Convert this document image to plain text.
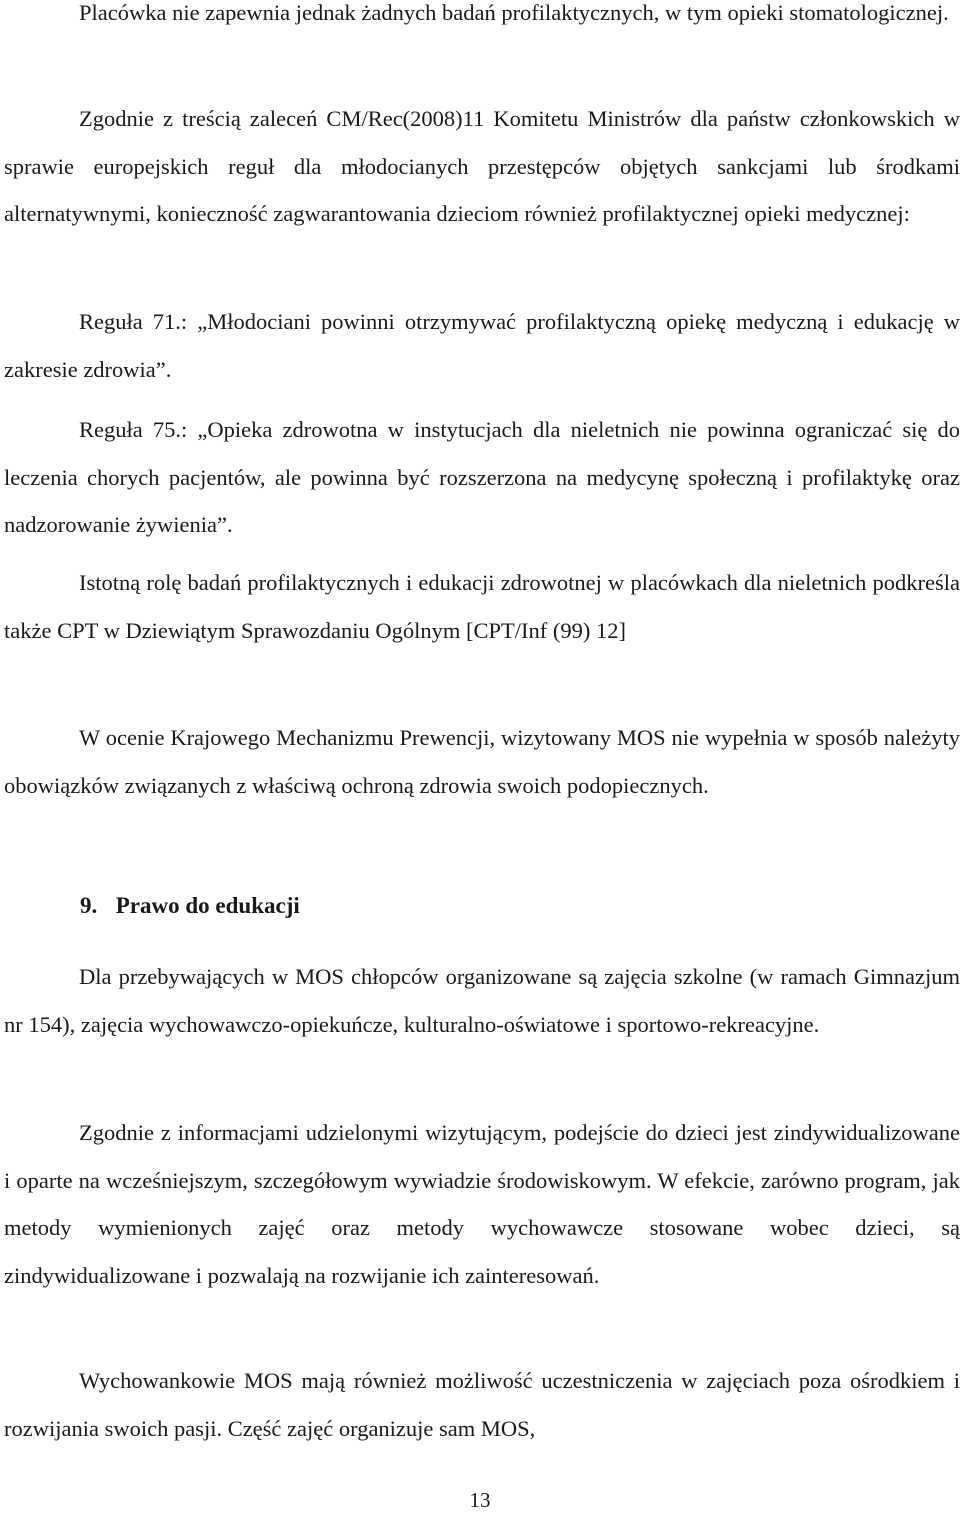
Placówka nie zapewnia jednak żadnych badań profilaktycznych, w tym opieki stomatologicznej.

Zgodnie z treścią zaleceń CM/Rec(2008)11 Komitetu Ministrów dla państw członkowskich w sprawie europejskich reguł dla młodocianych przestępców objętych sankcjami lub środkami alternatywnymi, konieczność zagwarantowania dzieciom również profilaktycznej opieki medycznej:

Reguła 71.: „Młodociani powinni otrzymywać profilaktyczną opiekę medyczną i edukację w zakresie zdrowia”.

Reguła 75.: „Opieka zdrowotna w instytucjach dla nieletnich nie powinna ograniczać się do leczenia chorych pacjentów, ale powinna być rozszerzona na medycynę społeczną i profilaktykę oraz nadzorowanie żywienia”.

Istotną rolę badań profilaktycznych i edukacji zdrowotnej w placówkach dla nieletnich podkreśla także CPT w Dziewiątym Sprawozdaniu Ogólnym [CPT/Inf (99) 12]

W ocenie Krajowego Mechanizmu Prewencji, wizytowany MOS nie wypełnia w sposób należyty obowiązków związanych z właściwą ochroną zdrowia swoich podopiecznych.

9. Prawo do edukacji

Dla przebywających w MOS chłopców organizowane są zajęcia szkolne (w ramach Gimnazjum nr 154), zajęcia wychowawczo-opiekuńcze, kulturalno-oświatowe i sportowo-rekreacyjne.

Zgodnie z informacjami udzielonymi wizytującym, podejście do dzieci jest zindywidualizowane i oparte na wcześniejszym, szczegółowym wywiadzie środowiskowym. W efekcie, zarówno program, jak metody wymienionych zajęć oraz metody wychowawcze stosowane wobec dzieci, są zindywidualizowane i pozwalają na rozwijanie ich zainteresowań.

Wychowankowie MOS mają również możliwość uczestniczenia w zajęciach poza ośrodkiem i rozwijania swoich pasji. Część zajęć organizuje sam MOS,

13
